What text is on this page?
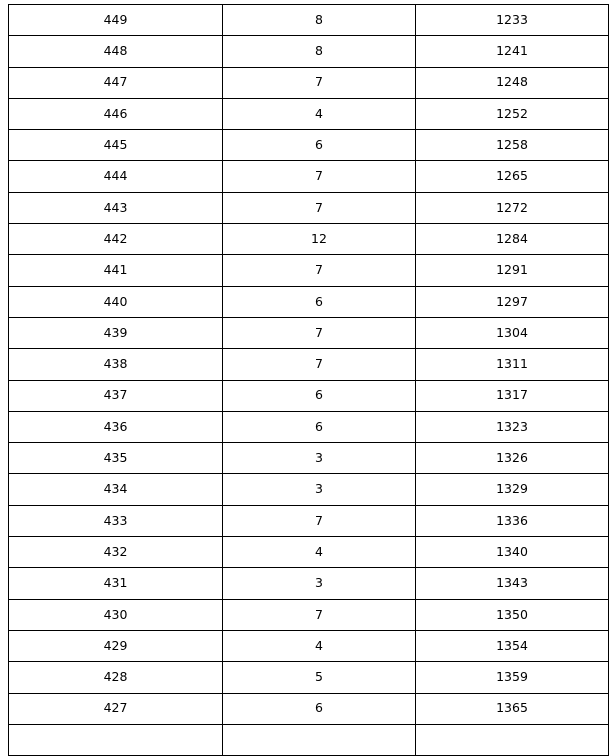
449	8	1233
448	8	1241
447	7	1248
446	4	1252
445	6	1258
444	7	1265
443	7	1272
442	12	1284
441	7	1291
440	6	1297
439	7	1304
438	7	1311
437	6	1317
436	6	1323
435	3	1326
434	3	1329
433	7	1336
432	4	1340
431	3	1343
430	7	1350
429	4	1354
428	5	1359
427	6	1365
